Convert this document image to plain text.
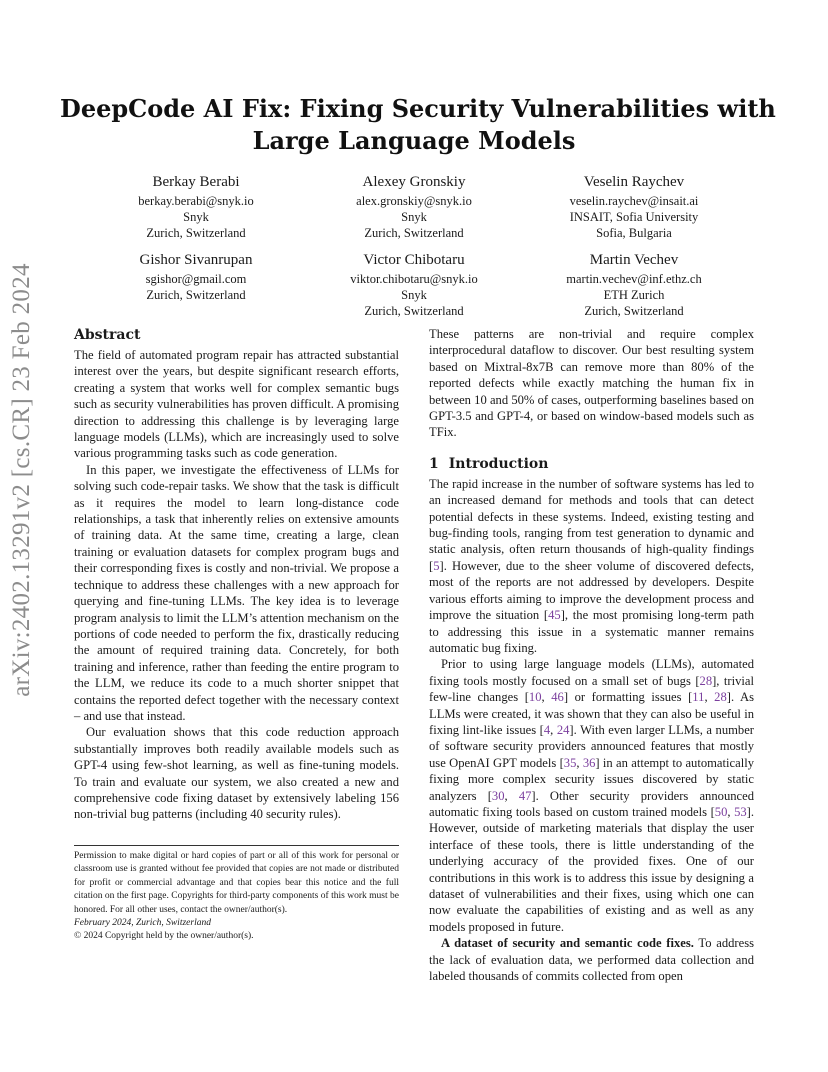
arXiv:2402.13291v2 [cs.CR] 23 Feb 2024
DeepCode AI Fix: Fixing Security Vulnerabilities with
Large Language Models
Berkay Berabi
berkay.berabi@snyk.io
Snyk
Zurich, Switzerland
Alexey Gronskiy
alex.gronskiy@snyk.io
Snyk
Zurich, Switzerland
Veselin Raychev
veselin.raychev@insait.ai
INSAIT, Sofia University
Sofia, Bulgaria
Gishor Sivanrupan
sgishor@gmail.com
Zurich, Switzerland
Victor Chibotaru
viktor.chibotaru@snyk.io
Snyk
Zurich, Switzerland
Martin Vechev
martin.vechev@inf.ethz.ch
ETH Zurich
Zurich, Switzerland
Abstract

The field of automated program repair has attracted substantial interest over the years, but despite significant research efforts, creating a system that works well for complex semantic bugs such as security vulnerabilities has proven difficult. A promising direction to addressing this challenge is by leveraging large language models (LLMs), which are increasingly used to solve various programming tasks such as code generation.

In this paper, we investigate the effectiveness of LLMs for solving such code-repair tasks. We show that the task is difficult as it requires the model to learn long-distance code relationships, a task that inherently relies on extensive amounts of training data. At the same time, creating a large, clean training or evaluation datasets for complex program bugs and their corresponding fixes is costly and non-trivial. We propose a technique to address these challenges with a new approach for querying and fine-tuning LLMs. The key idea is to leverage program analysis to limit the LLM’s attention mechanism on the portions of code needed to perform the fix, drastically reducing the amount of required training data. Concretely, for both training and inference, rather than feeding the entire program to the LLM, we reduce its code to a much shorter snippet that contains the reported defect together with the necessary context – and use that instead.

Our evaluation shows that this code reduction approach substantially improves both readily available models such as GPT-4 using few-shot learning, as well as fine-tuning models. To train and evaluate our system, we also created a new and comprehensive code fixing dataset by extensively labeling 156 non-trivial bug patterns (including 40 security rules).

Permission to make digital or hard copies of part or all of this work for personal or classroom use is granted without fee provided that copies are not made or distributed for profit or commercial advantage and that copies bear this notice and the full citation on the first page. Copyrights for third-party components of this work must be honored. For all other uses, contact the owner/author(s).

February 2024, Zurich, Switzerland

© 2024 Copyright held by the owner/author(s).

These patterns are non-trivial and require complex interprocedural dataflow to discover. Our best resulting system based on Mixtral-8x7B can remove more than 80% of the reported defects while exactly matching the human fix in between 10 and 50% of cases, outperforming baselines based on GPT-3.5 and GPT-4, or based on window-based models such as TFix.

1 Introduction

The rapid increase in the number of software systems has led to an increased demand for methods and tools that can detect potential defects in these systems. Indeed, existing testing and bug-finding tools, ranging from test generation to dynamic and static analysis, often return thousands of high-quality findings [5]. However, due to the sheer volume of discovered defects, most of the reports are not addressed by developers. Despite various efforts aiming to improve the development process and improve the situation [45], the most promising long-term path to addressing this issue in a systematic manner remains automatic bug fixing.

Prior to using large language models (LLMs), automated fixing tools mostly focused on a small set of bugs [28], trivial few-line changes [10, 46] or formatting issues [11, 28]. As LLMs were created, it was shown that they can also be useful in fixing lint-like issues [4, 24]. With even larger LLMs, a number of software security providers announced features that mostly use OpenAI GPT models [35, 36] in an attempt to automatically fixing more complex security issues discovered by static analyzers [30, 47]. Other security providers announced automatic fixing tools based on custom trained models [50, 53]. However, outside of marketing materials that display the user interface of these tools, there is little understanding of the underlying accuracy of the provided fixes. One of our contributions in this work is to address this issue by designing a dataset of vulnerabilities and their fixes, using which one can now evaluate the capabilities of existing and as well as any models proposed in future.

A dataset of security and semantic code fixes. To address the lack of evaluation data, we performed data collection and labeled thousands of commits collected from open
